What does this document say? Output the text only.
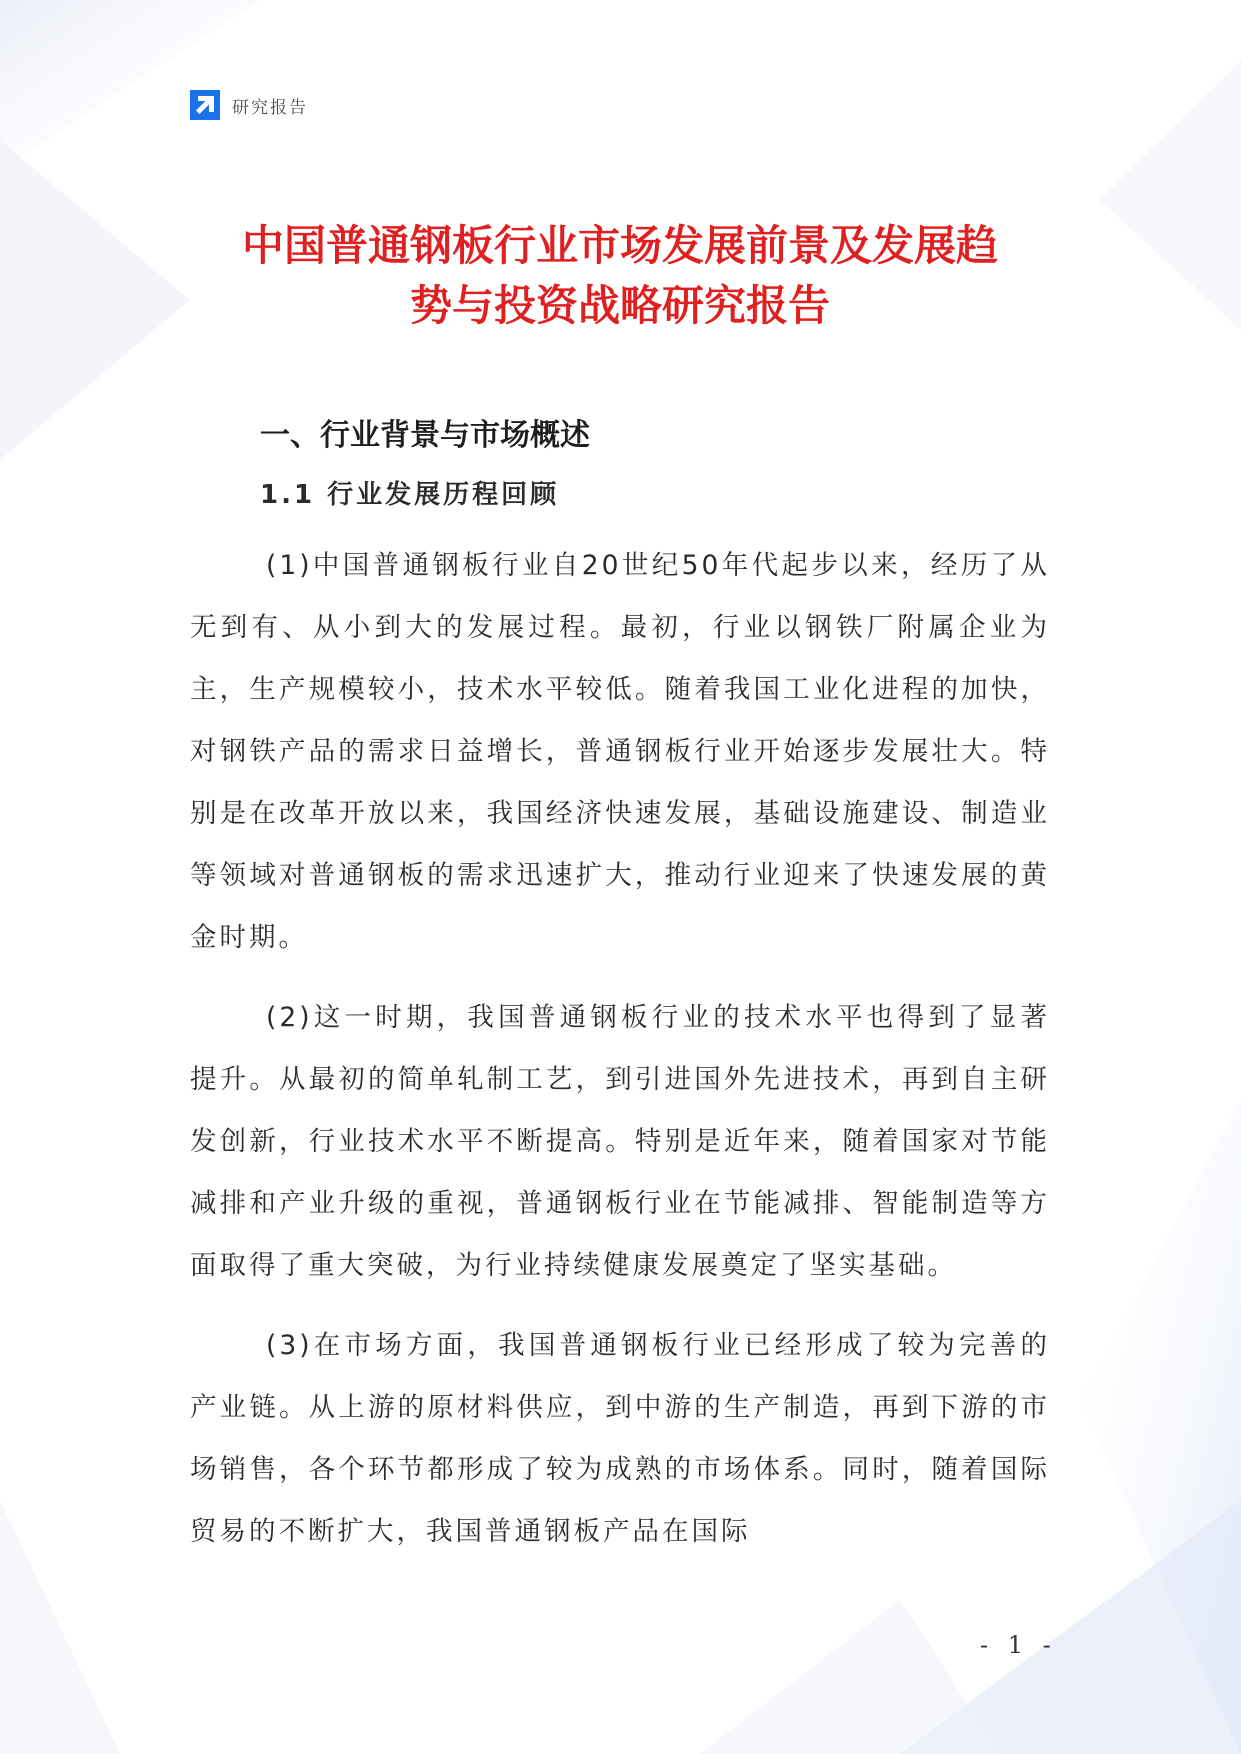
研究报告
中国普通钢板行业市场发展前景及发展趋
势与投资战略研究报告
一、行业背景与市场概述
1.1 行业发展历程回顾

(1)中国普通钢板行业自20世纪50年代起步以来，经历了从无到有、从小到大的发展过程。最初，行业以钢铁厂附属企业为主，生产规模较小，技术水平较低。随着我国工业化进程的加快，对钢铁产品的需求日益增长，普通钢板行业开始逐步发展壮大。特别是在改革开放以来，我国经济快速发展，基础设施建设、制造业等领域对普通钢板的需求迅速扩大，推动行业迎来了快速发展的黄金时期。

(2)这一时期，我国普通钢板行业的技术水平也得到了显著提升。从最初的简单轧制工艺，到引进国外先进技术，再到自主研发创新，行业技术水平不断提高。特别是近年来，随着国家对节能减排和产业升级的重视，普通钢板行业在节能减排、智能制造等方面取得了重大突破，为行业持续健康发展奠定了坚实基础。

(3)在市场方面，我国普通钢板行业已经形成了较为完善的产业链。从上游的原材料供应，到中游的生产制造，再到下游的市场销售，各个环节都形成了较为成熟的市场体系。同时，随着国际贸易的不断扩大，我国普通钢板产品在国际

- 1 -
